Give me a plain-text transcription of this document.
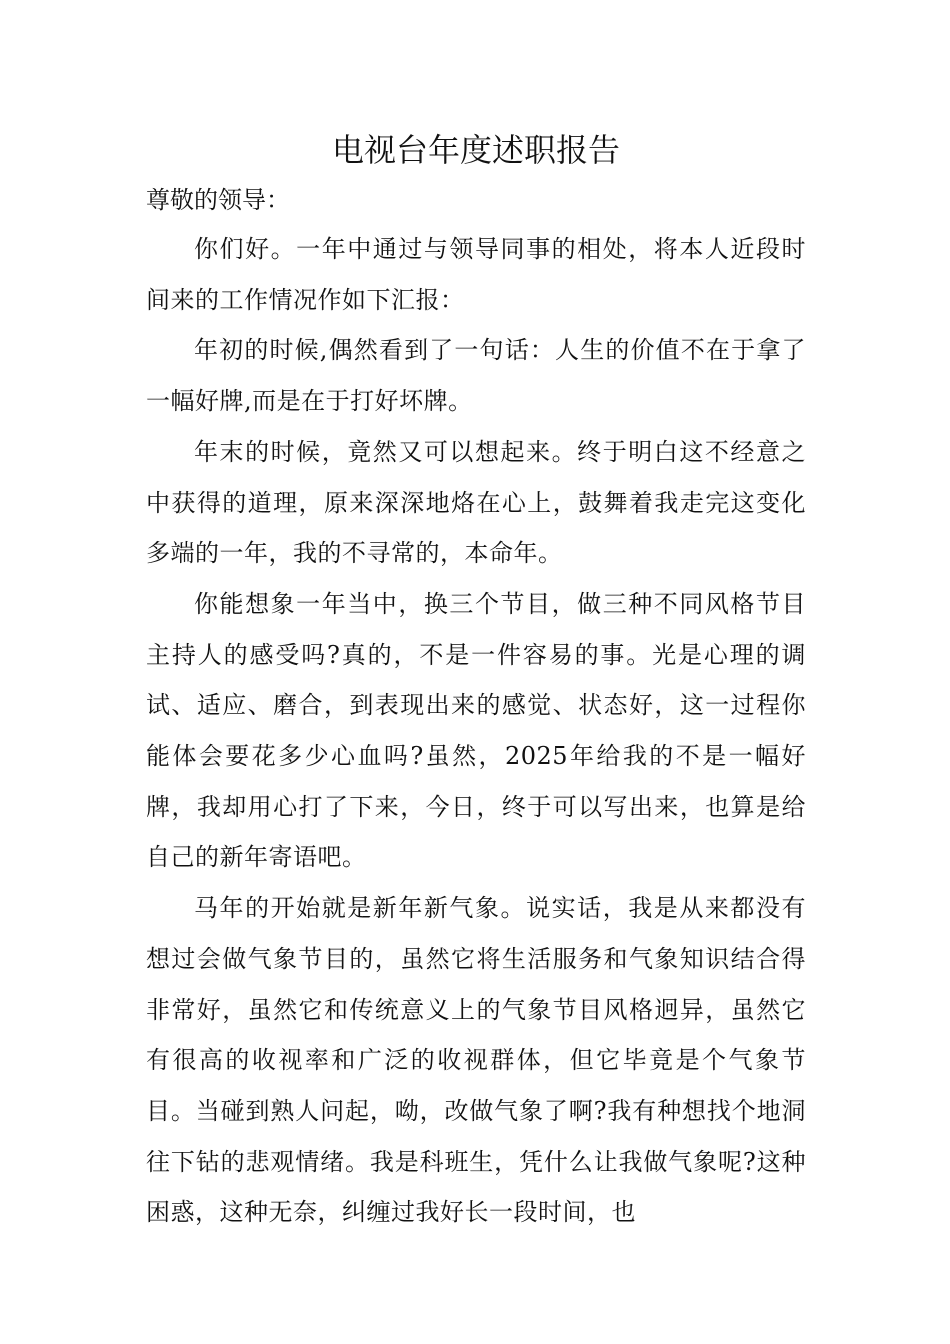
电视台年度述职报告

尊敬的领导：

你们好。一年中通过与领导同事的相处，将本人近段时间来的工作情况作如下汇报：

年初的时候,偶然看到了一句话：人生的价值不在于拿了一幅好牌,而是在于打好坏牌。

年末的时候，竟然又可以想起来。终于明白这不经意之中获得的道理，原来深深地烙在心上，鼓舞着我走完这变化多端的一年，我的不寻常的，本命年。

你能想象一年当中，换三个节目，做三种不同风格节目主持人的感受吗?真的，不是一件容易的事。光是心理的调试、适应、磨合，到表现出来的感觉、状态好，这一过程你能体会要花多少心血吗?虽然，2025年给我的不是一幅好牌，我却用心打了下来，今日，终于可以写出来，也算是给自己的新年寄语吧。

马年的开始就是新年新气象。说实话，我是从来都没有想过会做气象节目的，虽然它将生活服务和气象知识结合得非常好，虽然它和传统意义上的气象节目风格迥异，虽然它有很高的收视率和广泛的收视群体，但它毕竟是个气象节目。当碰到熟人问起，呦，改做气象了啊?我有种想找个地洞往下钻的悲观情绪。我是科班生，凭什么让我做气象呢?这种困惑，这种无奈，纠缠过我好长一段时间，也
